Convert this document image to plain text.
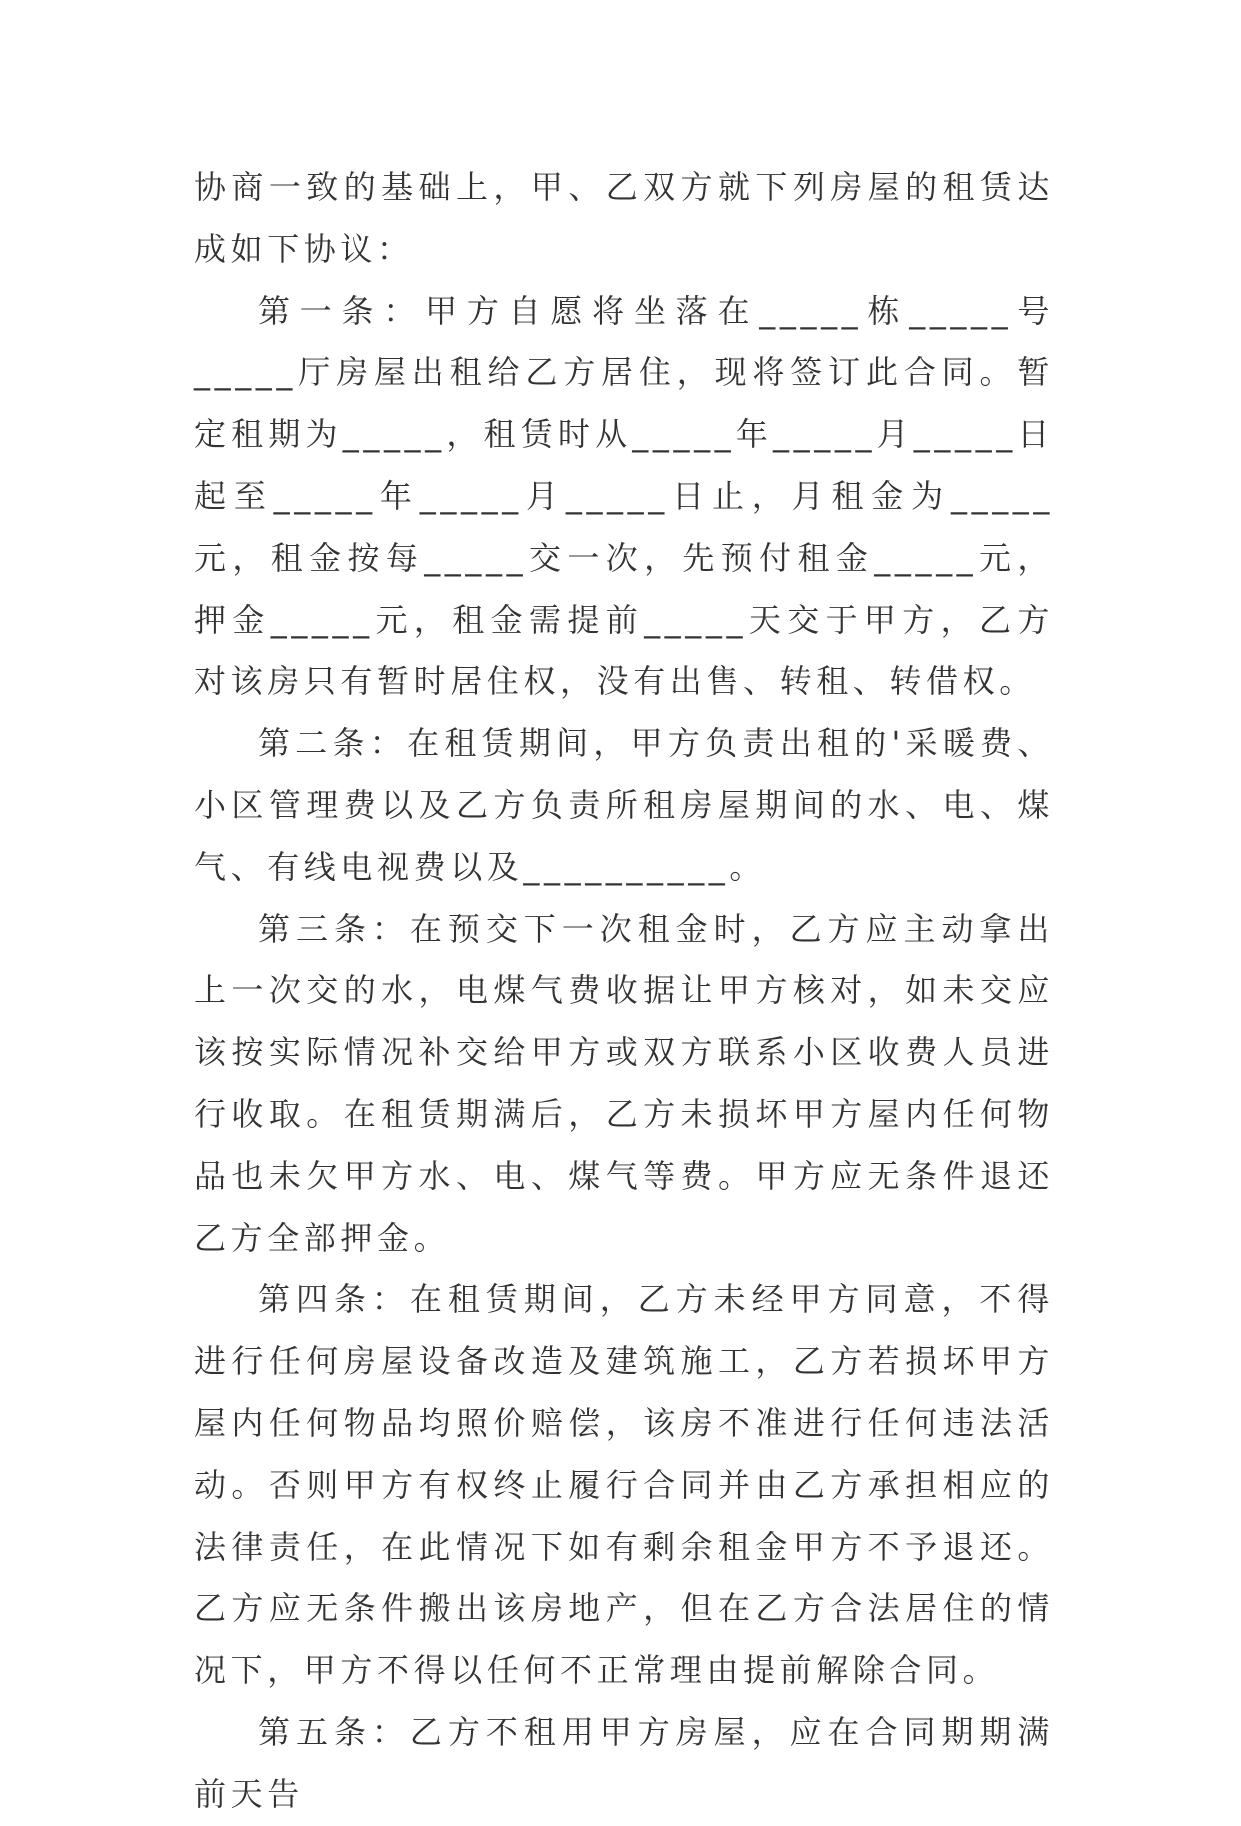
协商一致的基础上，甲、乙双方就下列房屋的租赁达成如下协议：

第一条：甲方自愿将坐落在_____栋_____号_____厅房屋出租给乙方居住，现将签订此合同。暂定租期为_____，租赁时从_____年_____月_____日起至_____年_____月_____日止，月租金为_____元，租金按每_____交一次，先预付租金_____元，押金_____元，租金需提前_____天交于甲方，乙方对该房只有暂时居住权，没有出售、转租、转借权。

第二条：在租赁期间，甲方负责出租的'采暖费、小区管理费以及乙方负责所租房屋期间的水、电、煤气、有线电视费以及__________。

第三条：在预交下一次租金时，乙方应主动拿出上一次交的水，电煤气费收据让甲方核对，如未交应该按实际情况补交给甲方或双方联系小区收费人员进行收取。在租赁期满后，乙方未损坏甲方屋内任何物品也未欠甲方水、电、煤气等费。甲方应无条件退还乙方全部押金。

第四条：在租赁期间，乙方未经甲方同意，不得进行任何房屋设备改造及建筑施工，乙方若损坏甲方屋内任何物品均照价赔偿，该房不准进行任何违法活动。否则甲方有权终止履行合同并由乙方承担相应的法律责任，在此情况下如有剩余租金甲方不予退还。乙方应无条件搬出该房地产，但在乙方合法居住的情况下，甲方不得以任何不正常理由提前解除合同。

第五条：乙方不租用甲方房屋，应在合同期期满前天告
